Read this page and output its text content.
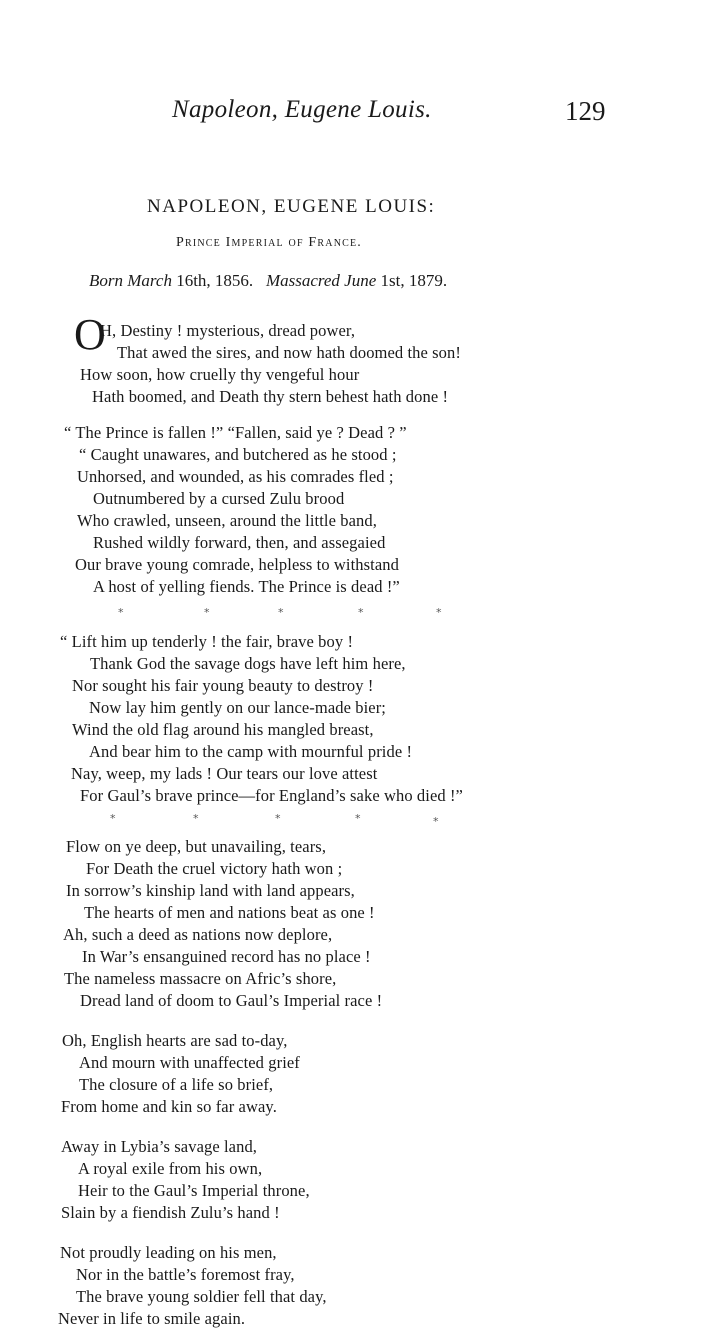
Napoleon, Eugene Louis.	129
NAPOLEON, EUGENE LOUIS:
Prince Imperial of France.
Born March 16th, 1856. Massacred June 1st, 1879.
O
H, Destiny ! mysterious, dread power,
That awed the sires, and now hath doomed the son!
How soon, how cruelly thy vengeful hour
Hath boomed, and Death thy stern behest hath done !
“ The Prince is fallen !” “Fallen, said ye ? Dead ? ”
“ Caught unawares, and butchered as he stood ;
Unhorsed, and wounded, as his comrades fled ;
Outnumbered by a cursed Zulu brood
Who crawled, unseen, around the little band,
Rushed wildly forward, then, and assegaied
Our brave young comrade, helpless to withstand
A host of yelling fiends. The Prince is dead !”
*	*	*	*	*
“ Lift him up tenderly ! the fair, brave boy !
Thank God the savage dogs have left him here,
Nor sought his fair young beauty to destroy !
Now lay him gently on our lance-made bier;
Wind the old flag around his mangled breast,
And bear him to the camp with mournful pride !
Nay, weep, my lads ! Our tears our love attest
For Gaul’s brave prince—for England’s sake who died !”
*	*	*	*	*
Flow on ye deep, but unavailing, tears,
For Death the cruel victory hath won ;
In sorrow’s kinship land with land appears,
The hearts of men and nations beat as one !
Ah, such a deed as nations now deplore,
In War’s ensanguined record has no place !
The nameless massacre on Afric’s shore,
Dread land of doom to Gaul’s Imperial race !
Oh, English hearts are sad to-day,
And mourn with unaffected grief
The closure of a life so brief,
From home and kin so far away.
Away in Lybia’s savage land,
A royal exile from his own,
Heir to the Gaul’s Imperial throne,
Slain by a fiendish Zulu’s hand !
Not proudly leading on his men,
Nor in the battle’s foremost fray,
The brave young soldier fell that day,
Never in life to smile again.
